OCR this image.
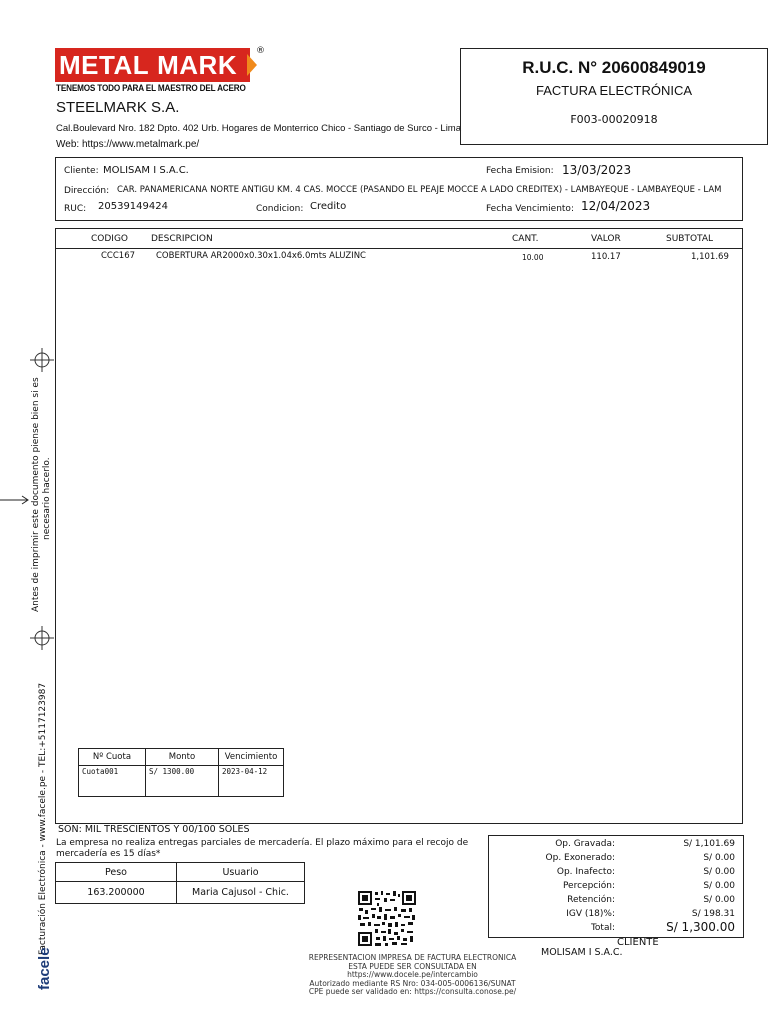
METAL MARK ®
TENEMOS TODO PARA EL MAESTRO DEL ACERO
STEELMARK S.A.
Cal.Boulevard Nro. 182 Dpto. 402 Urb. Hogares de Monterrico Chico - Santiago de Surco - Lima
Web: https://www.metalmark.pe/
R.U.C. N° 20600849019
FACTURA ELECTRÓNICA
F003-00020918
Cliente: MOLISAM I S.A.C.	Fecha Emision: 13/03/2023
Dirección: CAR. PANAMERICANA NORTE ANTIGU KM. 4 CAS. MOCCE (PASANDO EL PEAJE MOCCE A LADO CREDITEX) - LAMBAYEQUE - LAMBAYEQUE - LAM
RUC: 20539149424	Condicion: Credito	Fecha Vencimiento: 12/04/2023
CODIGO	DESCRIPCION	CANT.	VALOR	SUBTOTAL
CCC167 COBERTURA AR2000x0.30x1.04x6.0mts ALUZINC	10.00	110.17	1,101.69
Nº Cuota	Monto	Vencimiento
Cuota001	S/ 1300.00	2023-04-12
SON: MIL TRESCIENTOS Y 00/100 SOLES
La empresa no realiza entregas parciales de mercadería. El plazo máximo para el recojo de mercadería es 15 días*
Peso	Usuario
163.200000	Maria Cajusol - Chic.
Op. Gravada:	S/ 1,101.69
Op. Exonerado:	S/ 0.00
Op. Inafecto:	S/ 0.00
Percepción:	S/ 0.00
Retención:	S/ 0.00
IGV (18)%:	S/ 198.31
Total:	S/ 1,300.00
REPRESENTACION IMPRESA DE FACTURA ELECTRONICA
ESTA PUEDE SER CONSULTADA EN
https://www.docele.pe/intercambio
Autorizado mediante RS Nro: 034-005-0006136/SUNAT
CPE puede ser validado en: https://consulta.conose.pe/
CLIENTE
MOLISAM I S.A.C.
Antes de imprimir este documento piense bien si es necesario hacerlo.
Facturación Electrónica - www.facele.pe - TEL:+5117123987
facele
